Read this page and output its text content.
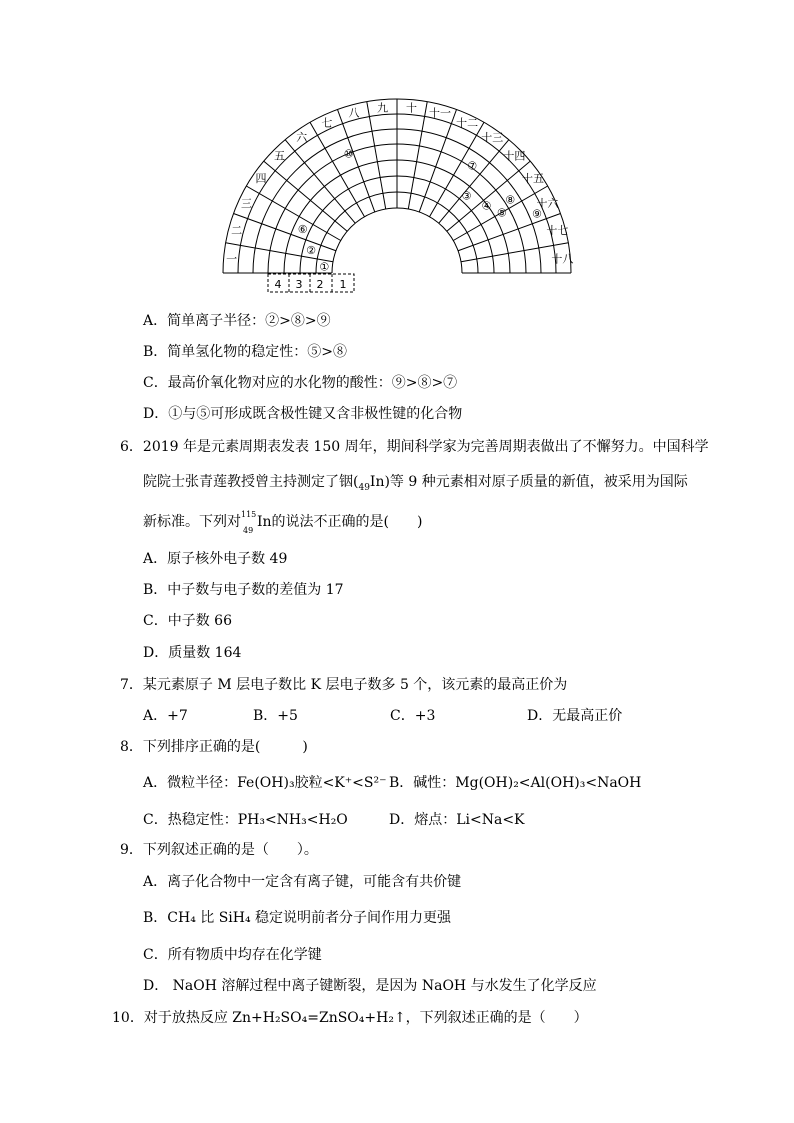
一
二
三
四
五
六
七
八 九 十 十一
十二
十三
十四
十五
十六
十七
十八
①
②
③
④
⑤
⑥
⑦
⑧
⑨
⑩
4 3 2 1
A．简单离子半径：②>⑧>⑨
B．简单氢化物的稳定性：⑤>⑧
C．最高价氧化物对应的水化物的酸性：⑨>⑧>⑦
D．①与⑤可形成既含极性键又含非极性键的化合物
6．2019 年是元素周期表发表 150 周年，期间科学家为完善周期表做出了不懈努力。中国科学
院院士张青莲教授曾主持测定了铟$(_{49}In)$等 9 种元素相对原子质量的新值，被采用为国际
新标准。下列对 115
49
In的说法不正确的是(　　)
A．原子核外电子数 49
B．中子数与电子数的差值为 17
C．中子数 66
D．质量数 164
7．某元素原子 M 层电子数比 K 层电子数多 5 个，该元素的最高正价为
A．+7	B．+5	C．+3	D．无最高正价
8．下列排序正确的是(　　　)
A．微粒半径：Fe(OH)₃胶粒<K⁺<S²⁻ B．碱性：Mg(OH)₂<Al(OH)₃<NaOH
C．热稳定性：PH₃<NH₃<H₂O	D．熔点：Li<Na<K
9．下列叙述正确的是（　　）。
A．离子化合物中一定含有离子键，可能含有共价键
B．CH₄ 比 SiH₄ 稳定说明前者分子间作用力更强
C．所有物质中均存在化学键
D． NaOH 溶解过程中离子键断裂，是因为 NaOH 与水发生了化学反应
10．对于放热反应 Zn+H₂SO₄=ZnSO₄+H₂↑，下列叙述正确的是（　　）
